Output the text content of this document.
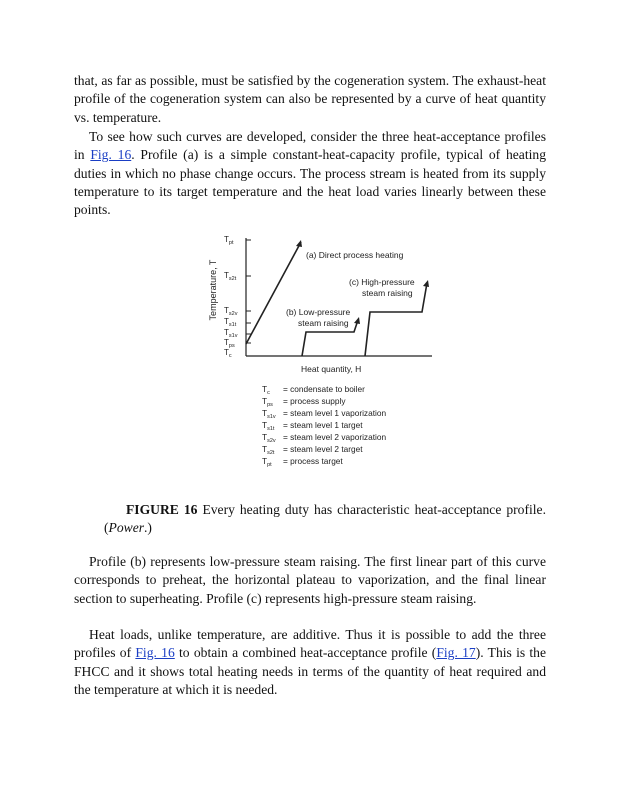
that, as far as possible, must be satisfied by the cogeneration system. The exhaust-heat profile of the cogeneration system can also be represented by a curve of heat quantity vs. temperature.

To see how such curves are developed, consider the three heat-acceptance profiles in Fig. 16. Profile (a) is a simple constant-heat-capacity profile, typical of heating duties in which no phase change occurs. The process stream is heated from its supply temperature to its target temperature and the heat load varies linearly between these points.

Temperature, T
$T_{pt}$
$T_{s2t}$
$T_{s2v}$
$T_{s1t}$
$T_{s1v}$
$T_{ps}$
$T_c$
(a) Direct process heating
(b) Low-pressure
steam raising
(c) High-pressure
steam raising
Heat quantity, H
$T_c$ = condensate to boiler
$T_{ps}$ = process supply
$T_{s1v}$ = steam level 1 vaporization
$T_{s1t}$ = steam level 1 target
$T_{s2v}$ = steam level 2 vaporization
$T_{s2t}$ = steam level 2 target
$T_{pt}$ = process target

FIGURE 16 Every heating duty has characteristic heat-acceptance profile. (Power.)

Profile (b) represents low-pressure steam raising. The first linear part of this curve corresponds to preheat, the horizontal plateau to vaporization, and the final linear section to superheating. Profile (c) represents high-pressure steam raising.

Heat loads, unlike temperature, are additive. Thus it is possible to add the three profiles of Fig. 16 to obtain a combined heat-acceptance profile (Fig. 17). This is the FHCC and it shows total heating needs in terms of the quantity of heat required and the temperature at which it is needed.
